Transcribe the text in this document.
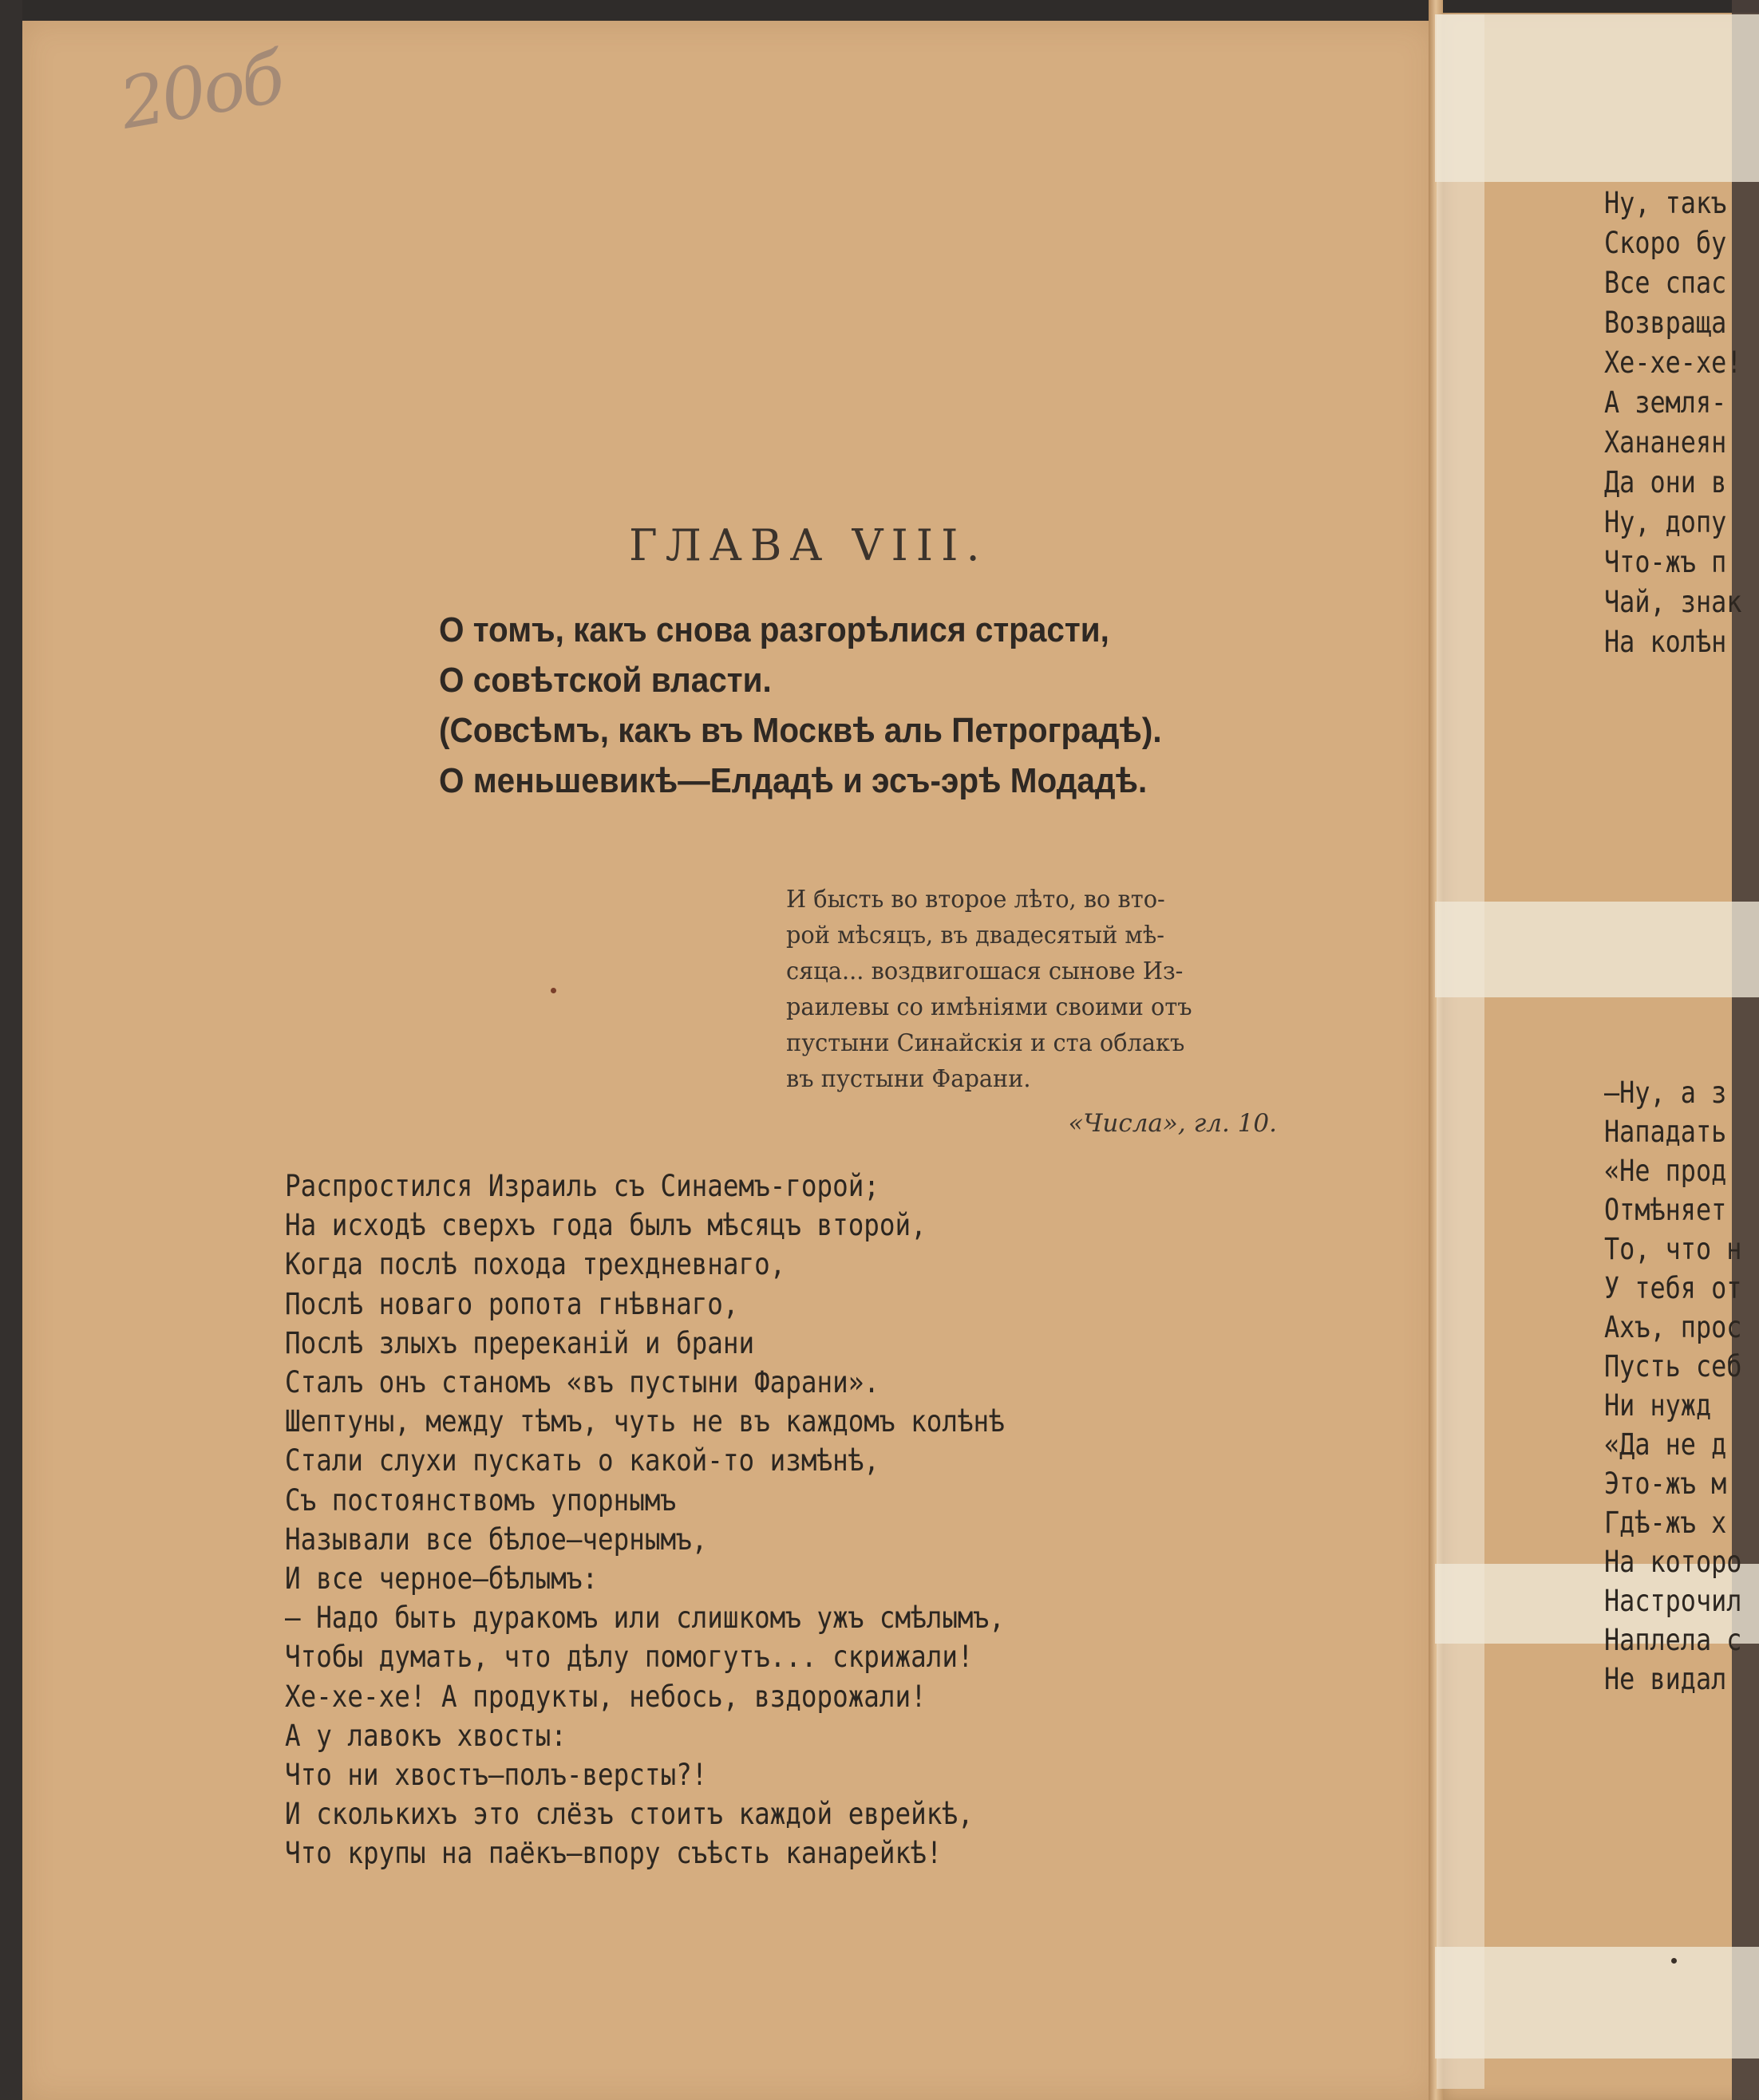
20об
ГЛАВА VIII.
О томъ, какъ снова разгорѣлися страсти,
О совѣтской власти.
(Совсѣмъ, какъ въ Москвѣ аль Петроградѣ).
О меньшевикѣ—Елдадѣ и эсъ-эрѣ Модадѣ.
И бысть во второе лѣто, во вто-
рой мѣсяцъ, въ двадесятый мѣ-
сяца... воздвигошася сынове Из-
раилевы со имѣніями своими отъ
пустыни Синайскія и ста облакъ
въ пустыни Фарани.
«Числа», гл. 10.
Распростился Израиль съ Синаемъ-горой;
На исходѣ сверхъ года былъ мѣсяцъ второй,
Когда послѣ похода трехдневнаго,
Послѣ новаго ропота гнѣвнаго,
Послѣ злыхъ пререканій и брани
Сталъ онъ станомъ «въ пустыни Фарани».
Шептуны, между тѣмъ, чуть не въ каждомъ колѣнѣ
Стали слухи пускать о какой-то измѣнѣ,
Съ постоянствомъ упорнымъ
Называли все бѣлое—чернымъ,
И все черное—бѣлымъ:
— Надо быть дуракомъ или слишкомъ ужъ смѣлымъ,
Чтобы думать, что дѣлу помогутъ... скрижали!
Хе-хе-хе! А продукты, небось, вздорожали!
А у лавокъ хвосты:
Что ни хвостъ—полъ-версты?!
И сколькихъ это слёзъ стоитъ каждой еврейкѣ,
Что крупы на паёкъ—впору съѣсть канарейкѣ!
Ну, такъ
Скоро бу
Все спас
Возвраща
Хе-хе-хе!
А земля-
Хананеян
Да они в
Ну, допу
Что-жъ п
Чай, знак
На колѣн
—Ну, а з
Нападать
«Не прод
Отмѣняет
То, что н
У тебя от
Ахъ, прос
Пусть себ
Ни нужд
«Да не д
Это-жъ м
Гдѣ-жъ х
На которо
Настрочил
Наплела с
Не видал
